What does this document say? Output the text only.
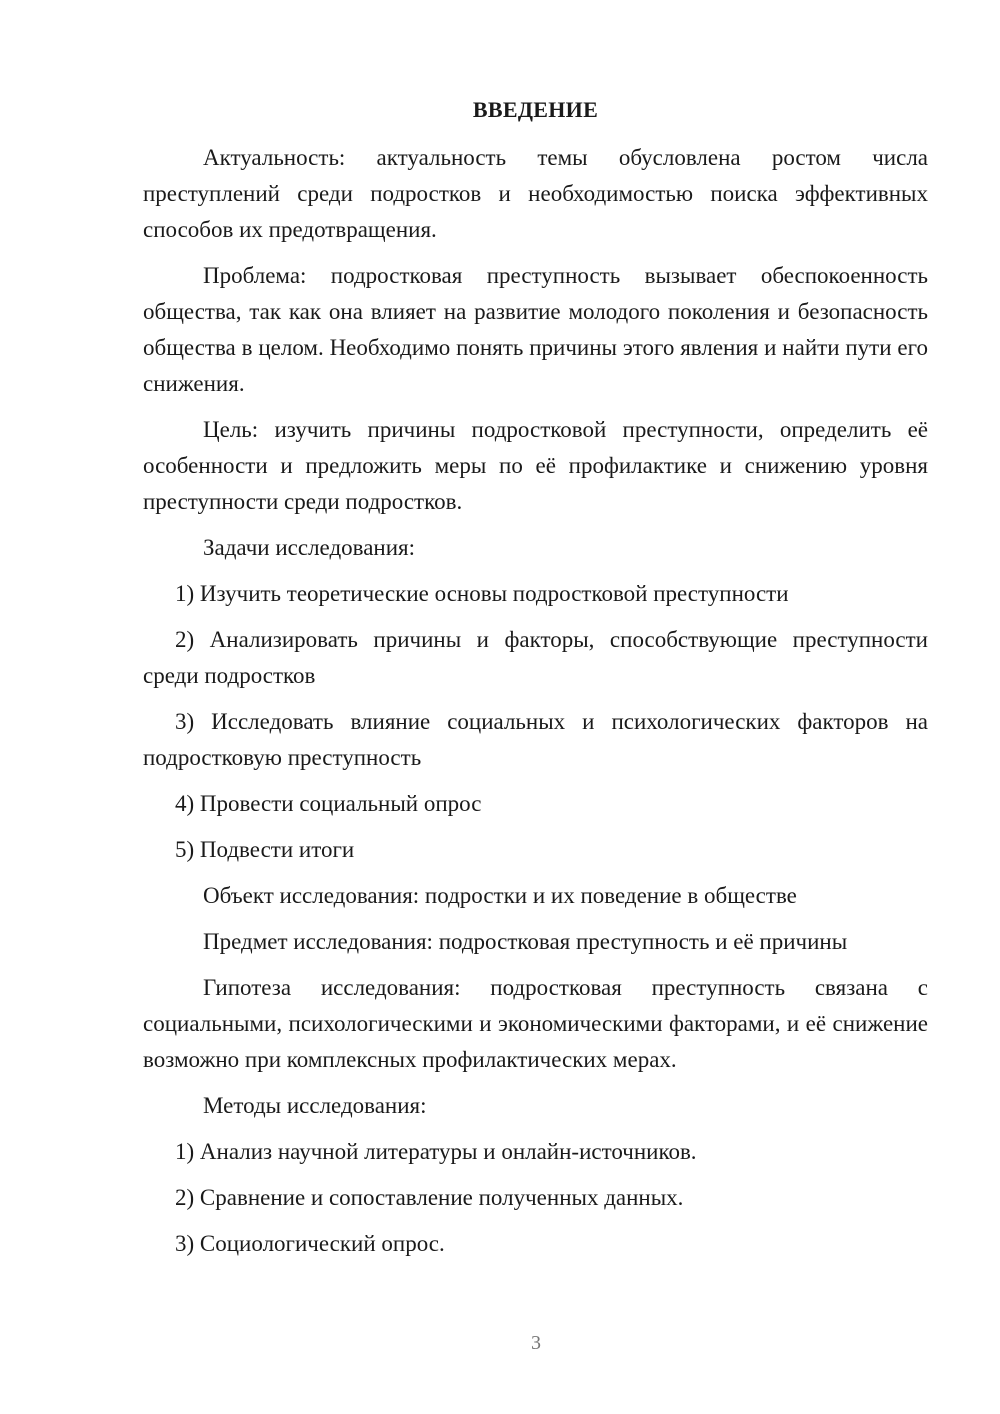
ВВЕДЕНИЕ

Актуальность: актуальность темы обусловлена ростом числа преступлений среди подростков и необходимостью поиска эффективных способов их предотвращения.

Проблема: подростковая преступность вызывает обеспокоенность общества, так как она влияет на развитие молодого поколения и безопасность общества в целом. Необходимо понять причины этого явления и найти пути его снижения.

Цель: изучить причины подростковой преступности, определить её особенности и предложить меры по её профилактике и снижению уровня преступности среди подростков.

Задачи исследования:

1) Изучить теоретические основы подростковой преступности

2) Анализировать причины и факторы, способствующие преступности среди подростков

3) Исследовать влияние социальных и психологических факторов на подростковую преступность

4) Провести социальный опрос

5) Подвести итоги

Объект исследования: подростки и их поведение в обществе

Предмет исследования: подростковая преступность и её причины

Гипотеза исследования: подростковая преступность связана с социальными, психологическими и экономическими факторами, и её снижение возможно при комплексных профилактических мерах.

Методы исследования:

1) Анализ научной литературы и онлайн-источников.

2) Сравнение и сопоставление полученных данных.

3) Социологический опрос.

3
